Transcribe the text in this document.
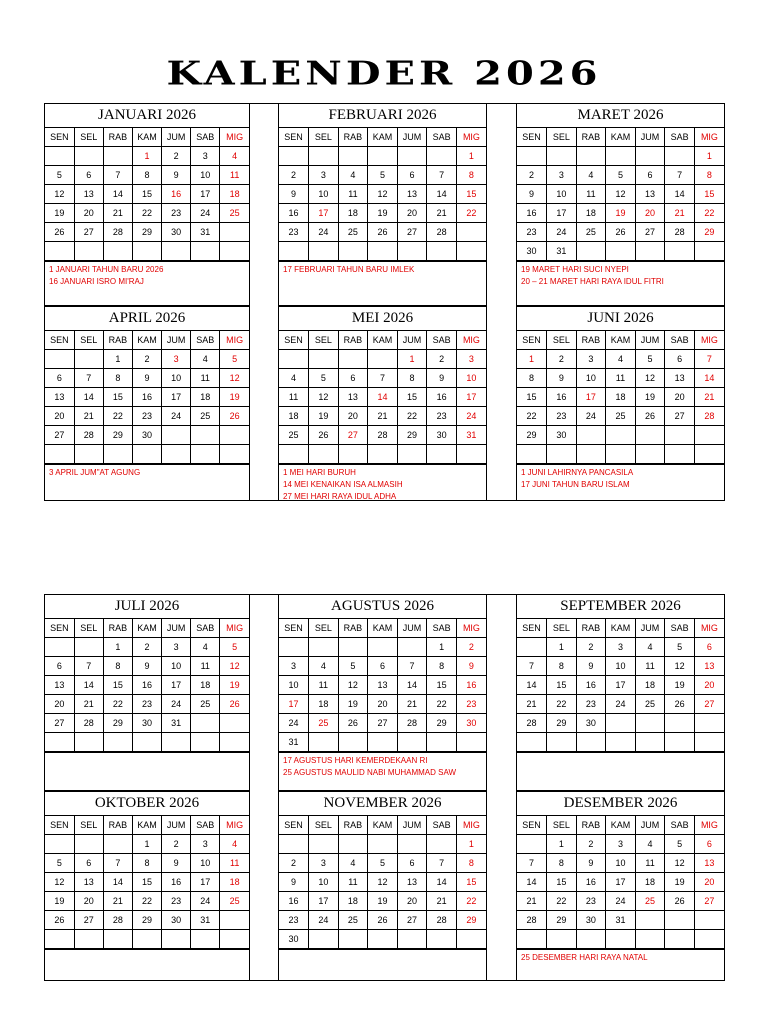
KALENDER 2026
JANUARI 2026
SEN	SEL	RAB	KAM	JUM	SAB	MIG
			1	2	3	4
5	6	7	8	9	10	11
12	13	14	15	16	17	18
19	20	21	22	23	24	25
26	27	28	29	30	31	

1 JANUARI TAHUN BARU 2026
16 JANUARI ISRO MI'RAJ
FEBRUARI 2026
SEN	SEL	RAB	KAM	JUM	SAB	MIG
						1
2	3	4	5	6	7	8
9	10	11	12	13	14	15
16	17	18	19	20	21	22
23	24	25	26	27	28	

17 FEBRUARI TAHUN BARU IMLEK
MARET 2026
SEN	SEL	RAB	KAM	JUM	SAB	MIG
						1
2	3	4	5	6	7	8
9	10	11	12	13	14	15
16	17	18	19	20	21	22
23	24	25	26	27	28	29
30	31					
19 MARET HARI SUCI NYEPI
20 – 21 MARET HARI RAYA IDUL FITRI
APRIL 2026
SEN	SEL	RAB	KAM	JUM	SAB	MIG
		1	2	3	4	5
6	7	8	9	10	11	12
13	14	15	16	17	18	19
20	21	22	23	24	25	26
27	28	29	30			

3 APRIL JUM"AT AGUNG
MEI 2026
SEN	SEL	RAB	KAM	JUM	SAB	MIG
				1	2	3
4	5	6	7	8	9	10
11	12	13	14	15	16	17
18	19	20	21	22	23	24
25	26	27	28	29	30	31

1 MEI HARI BURUH
14 MEI KENAIKAN ISA ALMASIH
27 MEI HARI RAYA IDUL ADHA
JUNI 2026
SEN	SEL	RAB	KAM	JUM	SAB	MIG
1	2	3	4	5	6	7
8	9	10	11	12	13	14
15	16	17	18	19	20	21
22	23	24	25	26	27	28
29	30					

1 JUNI LAHIRNYA PANCASILA
17 JUNI TAHUN BARU ISLAM
JULI 2026
SEN	SEL	RAB	KAM	JUM	SAB	MIG
		1	2	3	4	5
6	7	8	9	10	11	12
13	14	15	16	17	18	19
20	21	22	23	24	25	26
27	28	29	30	31		

AGUSTUS 2026
SEN	SEL	RAB	KAM	JUM	SAB	MIG
					1	2
3	4	5	6	7	8	9
10	11	12	13	14	15	16
17	18	19	20	21	22	23
24	25	26	27	28	29	30
31						
17 AGUSTUS HARI KEMERDEKAAN RI
25 AGUSTUS MAULID NABI MUHAMMAD SAW
SEPTEMBER 2026
SEN	SEL	RAB	KAM	JUM	SAB	MIG
	1	2	3	4	5	6
7	8	9	10	11	12	13
14	15	16	17	18	19	20
21	22	23	24	25	26	27
28	29	30				

OKTOBER 2026
SEN	SEL	RAB	KAM	JUM	SAB	MIG
			1	2	3	4
5	6	7	8	9	10	11
12	13	14	15	16	17	18
19	20	21	22	23	24	25
26	27	28	29	30	31	

NOVEMBER 2026
SEN	SEL	RAB	KAM	JUM	SAB	MIG
						1
2	3	4	5	6	7	8
9	10	11	12	13	14	15
16	17	18	19	20	21	22
23	24	25	26	27	28	29
30						
DESEMBER 2026
SEN	SEL	RAB	KAM	JUM	SAB	MIG
	1	2	3	4	5	6
7	8	9	10	11	12	13
14	15	16	17	18	19	20
21	22	23	24	25	26	27
28	29	30	31			

25 DESEMBER HARI RAYA NATAL
